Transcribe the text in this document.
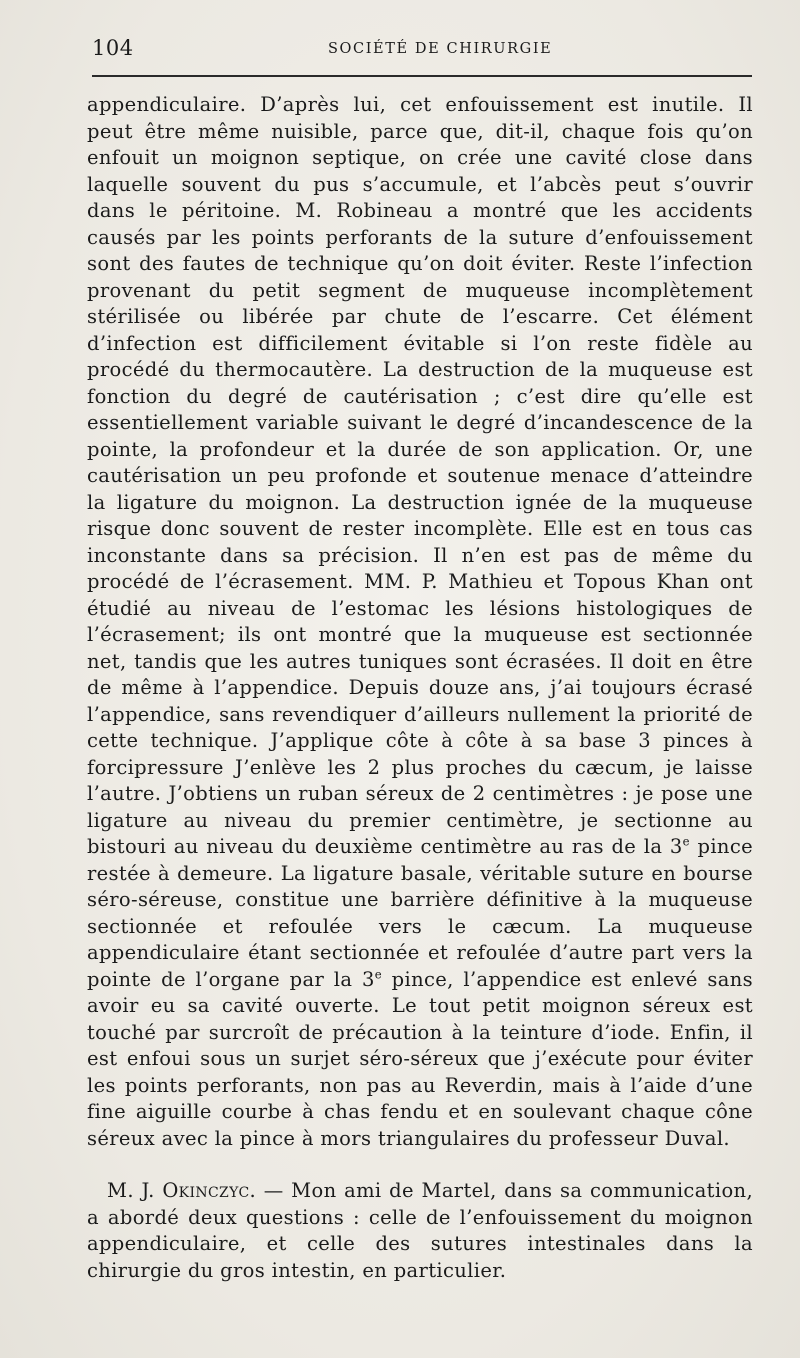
104	SOCIÉTÉ DE CHIRURGIE

appendiculaire. D’après lui, cet enfouissement est inutile. Il peut être même nuisible, parce que, dit-il, chaque fois qu’on enfouit un moignon septique, on crée une cavité close dans laquelle souvent du pus s’accumule, et l’abcès peut s’ouvrir dans le péritoine. M. Robineau a montré que les accidents causés par les points perforants de la suture d’enfouissement sont des fautes de technique qu’on doit éviter. Reste l’infection provenant du petit segment de muqueuse incomplètement stérilisée ou libérée par chute de l’escarre. Cet élément d’infection est difficilement évitable si l’on reste fidèle au procédé du thermocautère. La destruction de la muqueuse est fonction du degré de cautérisation ; c’est dire qu’elle est essentiellement variable suivant le degré d’incandescence de la pointe, la profondeur et la durée de son application. Or, une cautérisation un peu profonde et soutenue menace d’atteindre la ligature du moignon. La destruction ignée de la muqueuse risque donc souvent de rester incomplète. Elle est en tous cas inconstante dans sa précision. Il n’en est pas de même du procédé de l’écrasement. MM. P. Mathieu et Topous Khan ont étudié au niveau de l’estomac les lésions histologiques de l’écrasement; ils ont montré que la muqueuse est sectionnée net, tandis que les autres tuniques sont écrasées. Il doit en être de même à l’appendice. Depuis douze ans, j’ai toujours écrasé l’appendice, sans revendiquer d’ailleurs nullement la priorité de cette technique. J’applique côte à côte à sa base 3 pinces à forcipressure J’enlève les 2 plus proches du cæcum, je laisse l’autre. J’obtiens un ruban séreux de 2 centimètres : je pose une ligature au niveau du premier centimètre, je sectionne au bistouri au niveau du deuxième centimètre au ras de la 3e pince restée à demeure. La ligature basale, véritable suture en bourse séro-séreuse, constitue une barrière définitive à la muqueuse sectionnée et refoulée vers le cæcum. La muqueuse appendiculaire étant sectionnée et refoulée d’autre part vers la pointe de l’organe par la 3e pince, l’appendice est enlevé sans avoir eu sa cavité ouverte. Le tout petit moignon séreux est touché par surcroît de précaution à la teinture d’iode. Enfin, il est enfoui sous un surjet séro-séreux que j’exécute pour éviter les points perforants, non pas au Reverdin, mais à l’aide d’une fine aiguille courbe à chas fendu et en soulevant chaque cône séreux avec la pince à mors triangulaires du professeur Duval.

M. J. Okinczyc. — Mon ami de Martel, dans sa communication, a abordé deux questions : celle de l’enfouissement du moignon appendiculaire, et celle des sutures intestinales dans la chirurgie du gros intestin, en particulier.
